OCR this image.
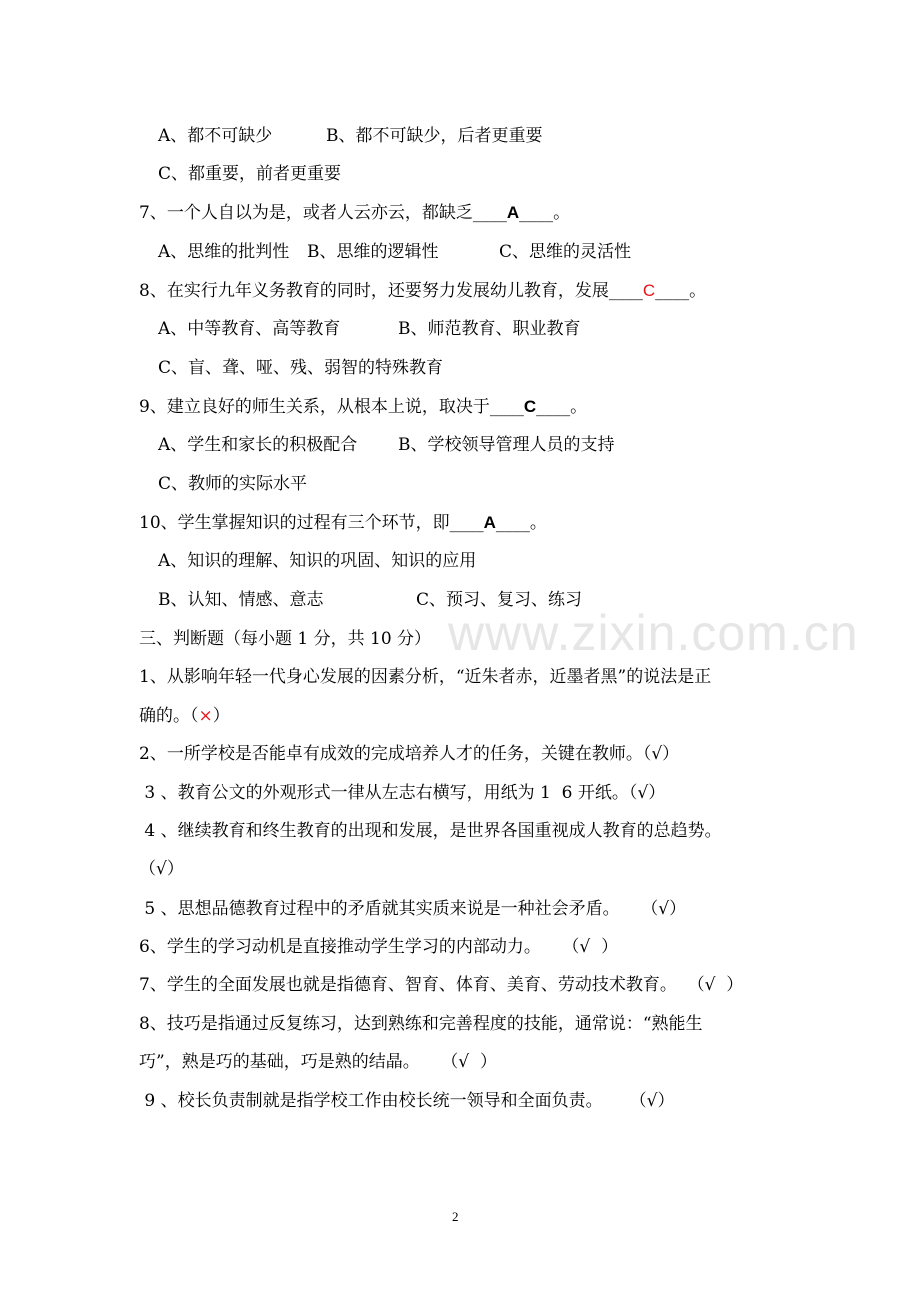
www.zixin.com.cn
A、都不可缺少	B、都不可缺少，后者更重要
C、都重要，前者更重要
7、一个人自以为是，或者人云亦云，都缺乏____A____。
A、思维的批判性 B、思维的逻辑性	C、思维的灵活性
8、在实行九年义务教育的同时，还要努力发展幼儿教育，发展____C____。
A、中等教育、高等教育	B、师范教育、职业教育
C、盲、聋、哑、残、弱智的特殊教育
9、建立良好的师生关系，从根本上说，取决于____C____。
A、学生和家长的积极配合 B、学校领导管理人员的支持
C、教师的实际水平
10、学生掌握知识的过程有三个环节，即____A____。
A、知识的理解、知识的巩固、知识的应用
B、认知、情感、意志	C、预习、复习、练习
三、判断题（每小题 1 分，共 10 分）
1、从影响年轻一代身心发展的因素分析，“近朱者赤，近墨者黑”的说法是正
确的。（×）
2、一所学校是否能卓有成效的完成培养人才的任务，关键在教师。（√）
3 、教育公文的外观形式一律从左志右横写，用纸为 1  6 开纸。（√）
4 、继续教育和终生教育的出现和发展，是世界各国重视成人教育的总趋势。
（√）
5 、思想品德教育过程中的矛盾就其实质来说是一种社会矛盾。    （√）
6、学生的学习动机是直接推动学生学习的内部动力。    （√  ）
7、学生的全面发展也就是指德育、智育、体育、美育、劳动技术教育。  （√  ）
8、技巧是指通过反复练习，达到熟练和完善程度的技能，通常说：“熟能生
巧”，熟是巧的基础，巧是熟的结晶。    （√  ）
9 、校长负责制就是指学校工作由校长统一领导和全面负责。     （√）
2
